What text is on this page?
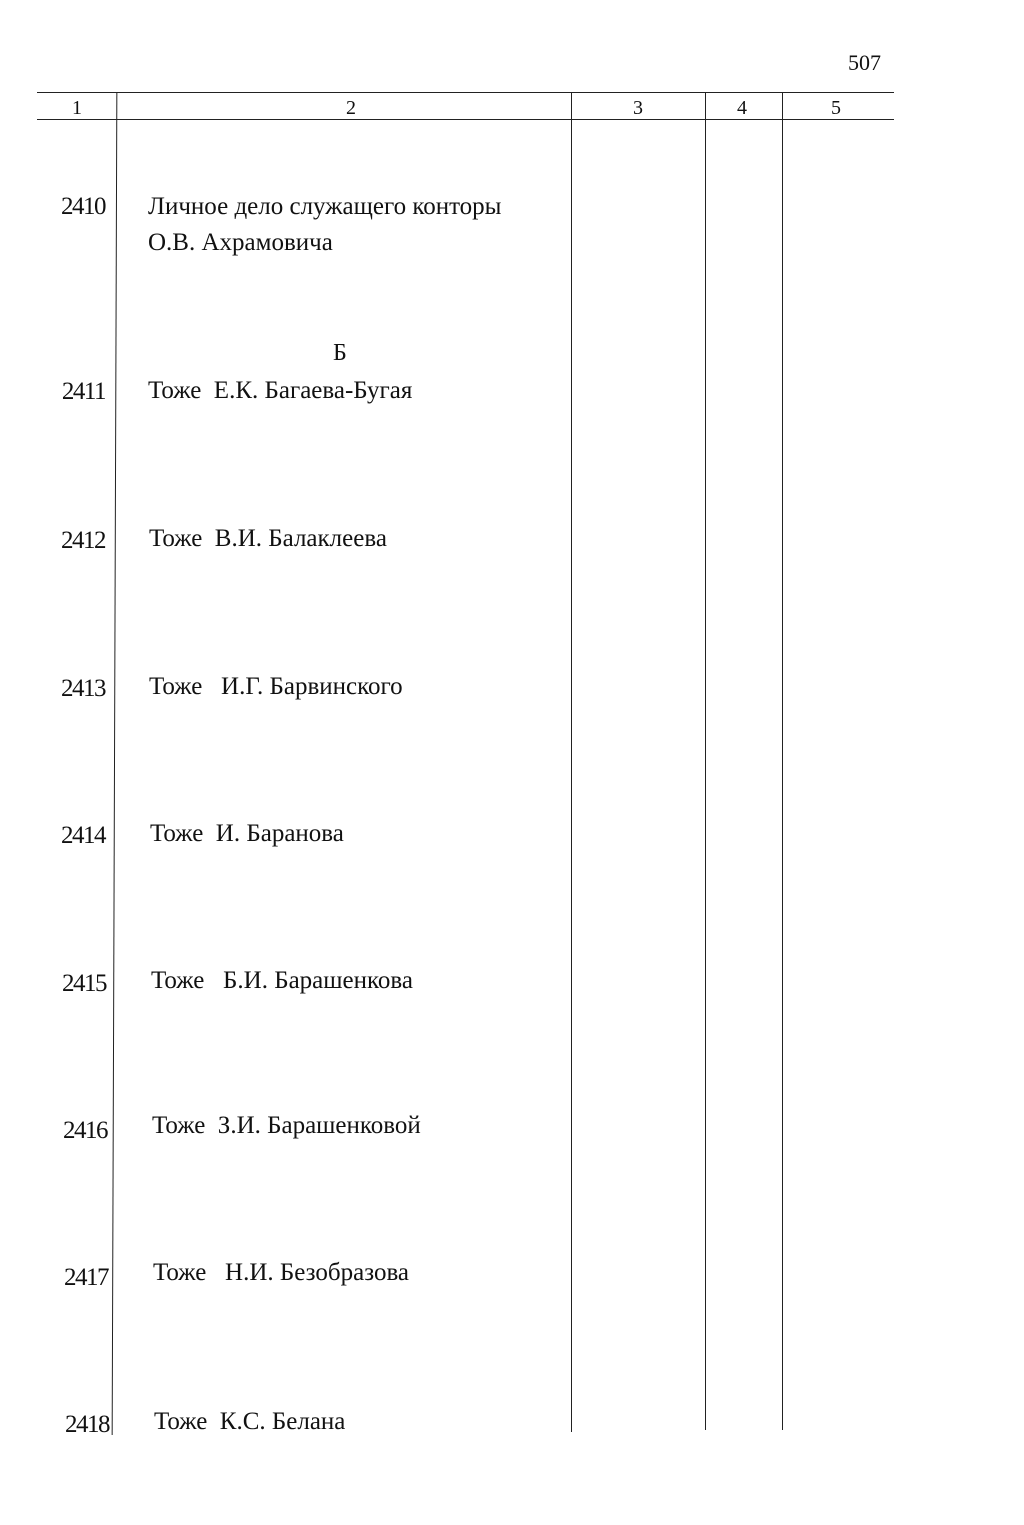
507
1	2	3	4	5
Б
2410 Личное дело служащего конторы
О.В. Ахрамовича
2411 Тоже  Е.К. Багаева-Бугая
2412 Тоже  В.И. Балаклеева
2413 Тоже   И.Г. Барвинского
2414 Тоже  И. Баранова
2415 Тоже   Б.И. Барашенкова
2416 Тоже  З.И. Барашенковой
2417 Тоже   Н.И. Безобразова
2418 Тоже  К.С. Белана
